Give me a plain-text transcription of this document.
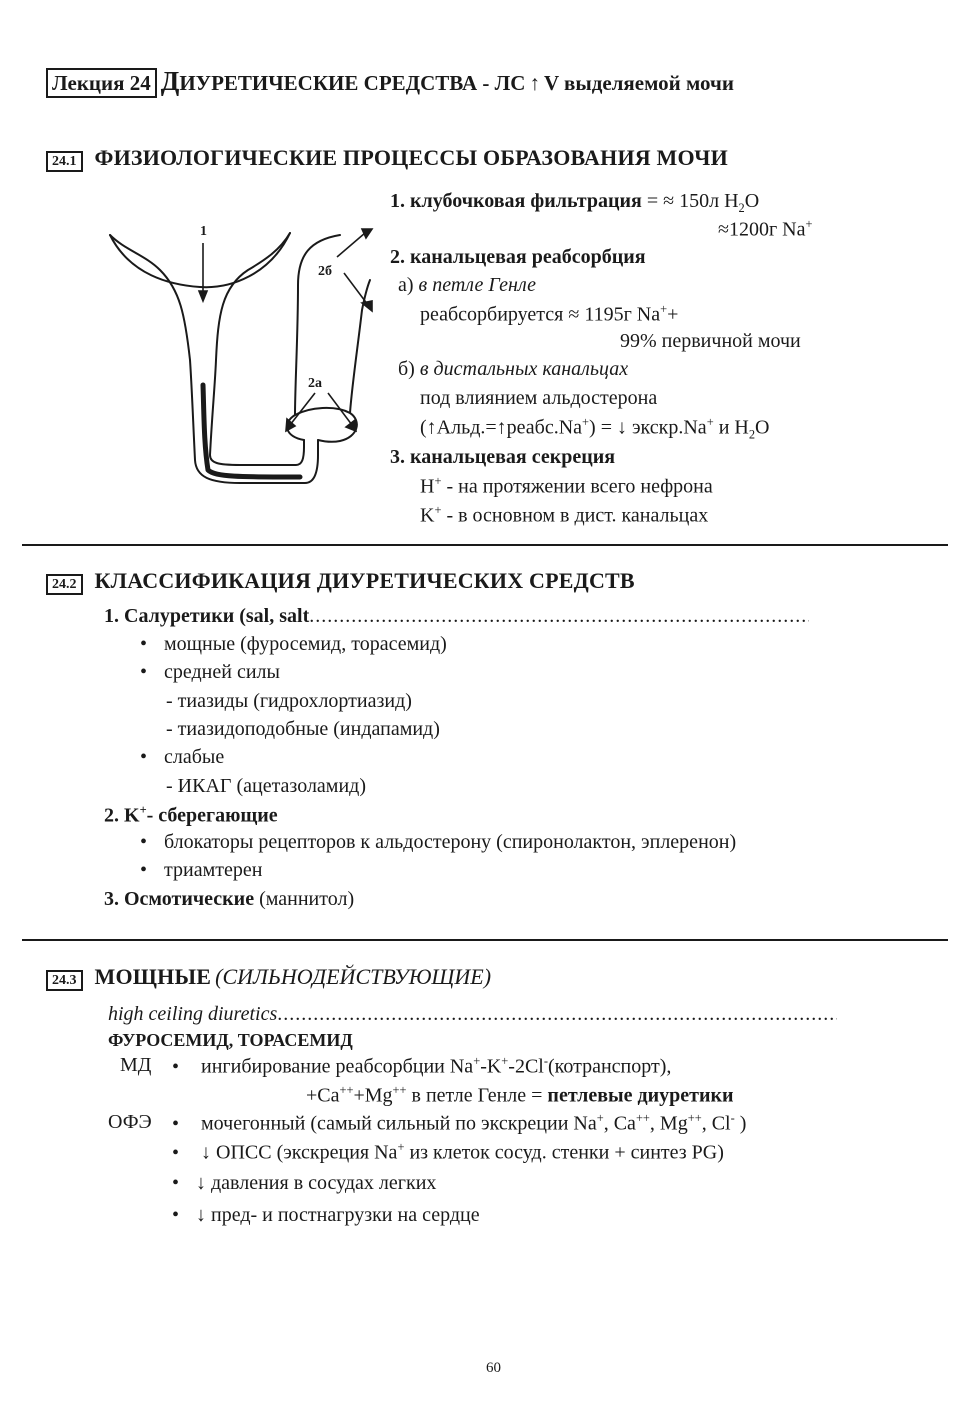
Лекция 24 ДИУРЕТИЧЕСКИЕ СРЕДСТВА - ЛС ↑ V выделяемой мочи
24.1 ФИЗИОЛОГИЧЕСКИЕ ПРОЦЕССЫ ОБРАЗОВАНИЯ МОЧИ
1
2б
2а
1. клубочковая фильтрация = ≈ 150л $H_2O$
≈1200г Na+
2. канальцевая реабсорбция
а) в петле Генле
реабсорбируется ≈ 1195г Na++
99% первичной мочи
б) в дистальных канальцах
под влиянием альдостерона
(↑Альд.=↑реабс.Na+) = ↓ экскр.Na+ и $H_2O$
3. канальцевая секреция
H+ - на протяжении всего нефрона
K+ - в основном в дист. канальцах
24.2 КЛАССИФИКАЦИЯ ДИУРЕТИЧЕСКИХ СРЕДСТВ
1. Салуретики (sal, salt.....
• мощные (фуросемид, торасемид)
• средней силы
- тиазиды (гидрохлортиазид)
- тиазидоподобные (индапамид)
• слабые
- ИКАГ (ацетазоламид)
2. K+- сберегающие
• блокаторы рецепторов к альдостерону (спиронолактон, эплеренон)
• триамтерен
3. Осмотические (маннитол)
24.3 МОЩНЫЕ (СИЛЬНОДЕЙСТВУЮЩИЕ)
high ceiling diuretics.....
ФУРОСЕМИД, ТОРАСЕМИД
МД	• ингибирование реабсорбции Na+-K+-2Cl-(котранспорт),
+Ca+++Mg++ в петле Генле = петлевые диуретики
ОФЭ	• мочегонный (самый сильный по экскреции Na+, Ca++, Mg++, Cl- )
• ↓ ОПСС (экскреция Na+ из клеток сосуд. стенки + синтез PG)
• ↓ давления в сосудах легких
• ↓ пред- и постнагрузки на сердце
60
